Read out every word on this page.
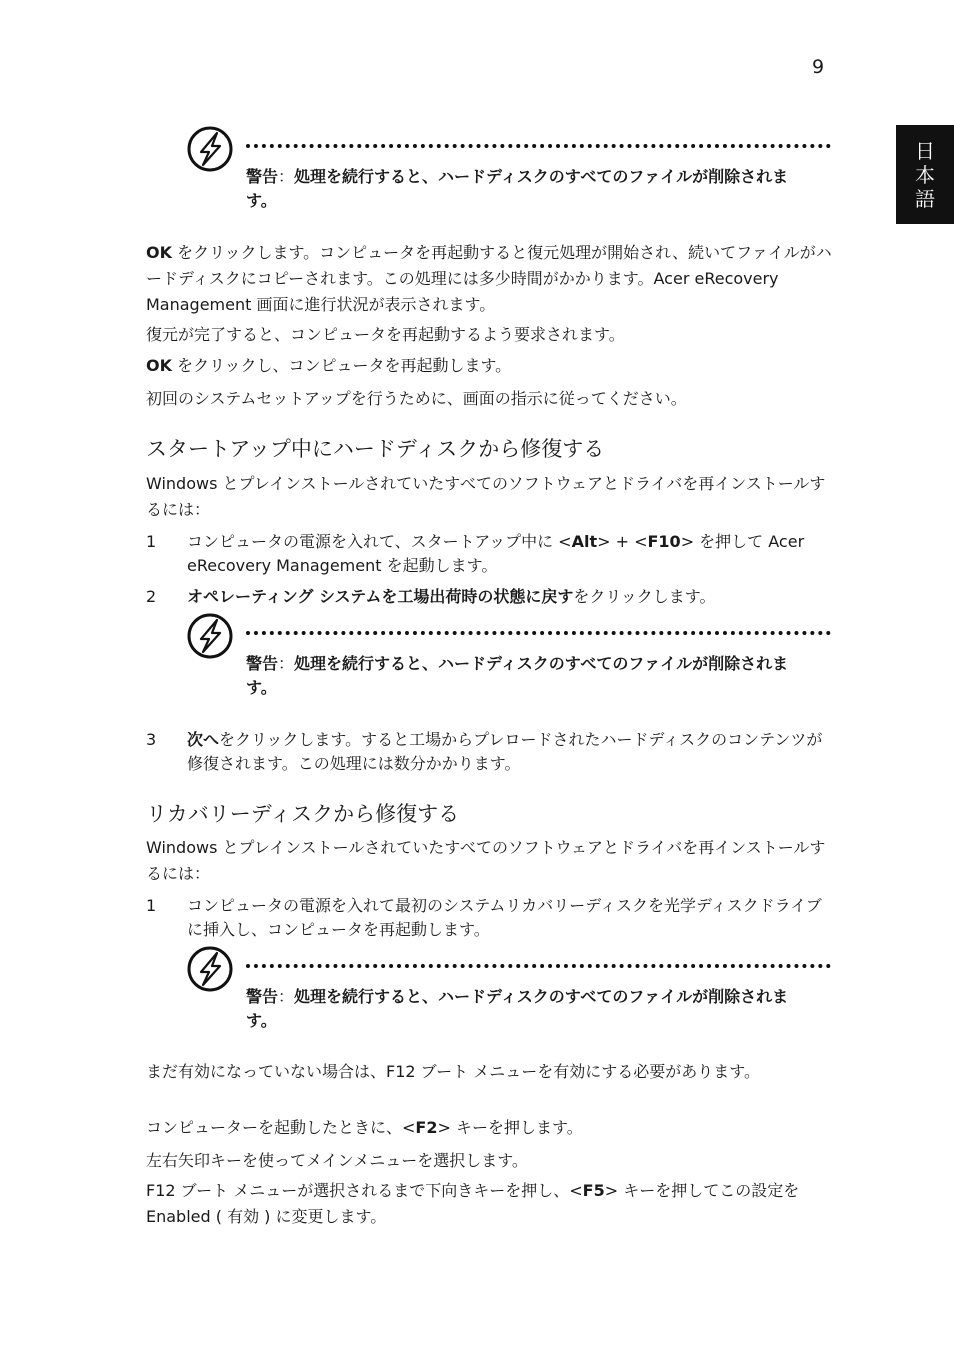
9
日
本
語
警告：処理を続行すると、ハードディスクのすべてのファイルが削除されます。
OK をクリックします。コンピュータを再起動すると復元処理が開始され、続いてファイルがハードディスクにコピーされます。この処理には多少時間がかかります。Acer eRecovery Management 画面に進行状況が表示されます。
復元が完了すると、コンピュータを再起動するよう要求されます。
OK をクリックし、コンピュータを再起動します。
初回のシステムセットアップを行うために、画面の指示に従ってください。
スタートアップ中にハードディスクから修復する
Windows とプレインストールされていたすべてのソフトウェアとドライバを再インストールするには：
1 コンピュータの電源を入れて、スタートアップ中に <Alt> + <F10> を押して Acer eRecovery Management を起動します。
2 オペレーティング システムを工場出荷時の状態に戻すをクリックします。
警告：処理を続行すると、ハードディスクのすべてのファイルが削除されます。
3 次へをクリックします。すると工場からプレロードされたハードディスクのコンテンツが修復されます。この処理には数分かかります。
リカバリーディスクから修復する
Windows とプレインストールされていたすべてのソフトウェアとドライバを再インストールするには：
1 コンピュータの電源を入れて最初のシステムリカバリーディスクを光学ディスクドライブに挿入し、コンピュータを再起動します。
警告：処理を続行すると、ハードディスクのすべてのファイルが削除されます。
まだ有効になっていない場合は、F12 ブート メニューを有効にする必要があります。
コンピューターを起動したときに、<F2> キーを押します。
左右矢印キーを使ってメインメニューを選択します。
F12 ブート メニューが選択されるまで下向きキーを押し、<F5> キーを押してこの設定を Enabled ( 有効 ) に変更します。
